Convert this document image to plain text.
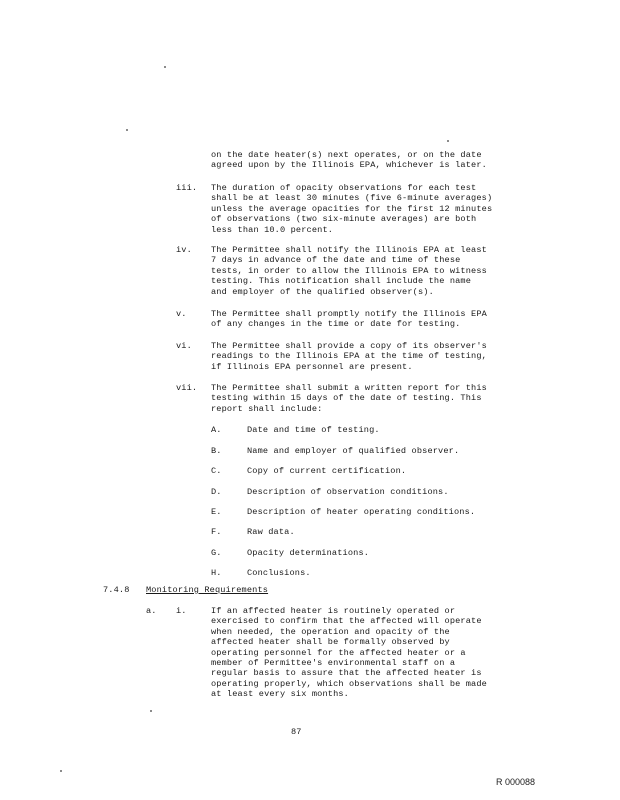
on the date heater(s) next operates, or on the date
agreed upon by the Illinois EPA, whichever is later.
iii. The duration of opacity observations for each test
shall be at least 30 minutes (five 6-minute averages)
unless the average opacities for the first 12 minutes
of observations (two six-minute averages) are both
less than 10.0 percent.
iv. The Permittee shall notify the Illinois EPA at least
7 days in advance of the date and time of these
tests, in order to allow the Illinois EPA to witness
testing. This notification shall include the name
and employer of the qualified observer(s).
v.	The Permittee shall promptly notify the Illinois EPA
of any changes in the time or date for testing.
vi. The Permittee shall provide a copy of its observer's
readings to the Illinois EPA at the time of testing,
if Illinois EPA personnel are present.
vii. The Permittee shall submit a written report for this
testing within 15 days of the date of testing. This
report shall include:
A.	Date and time of testing.
B.	Name and employer of qualified observer.
C.	Copy of current certification.
D.	Description of observation conditions.
E.	Description of heater operating conditions.
F.	Raw data.
G.	Opacity determinations.
H.	Conclusions.
7.4.8 Monitoring Requirements
a. i.	If an affected heater is routinely operated or
exercised to confirm that the affected will operate
when needed, the operation and opacity of the
affected heater shall be formally observed by
operating personnel for the affected heater or a
member of Permittee's environmental staff on a
regular basis to assure that the affected heater is
operating properly, which observations shall be made
at least every six months.
87
R 000088
